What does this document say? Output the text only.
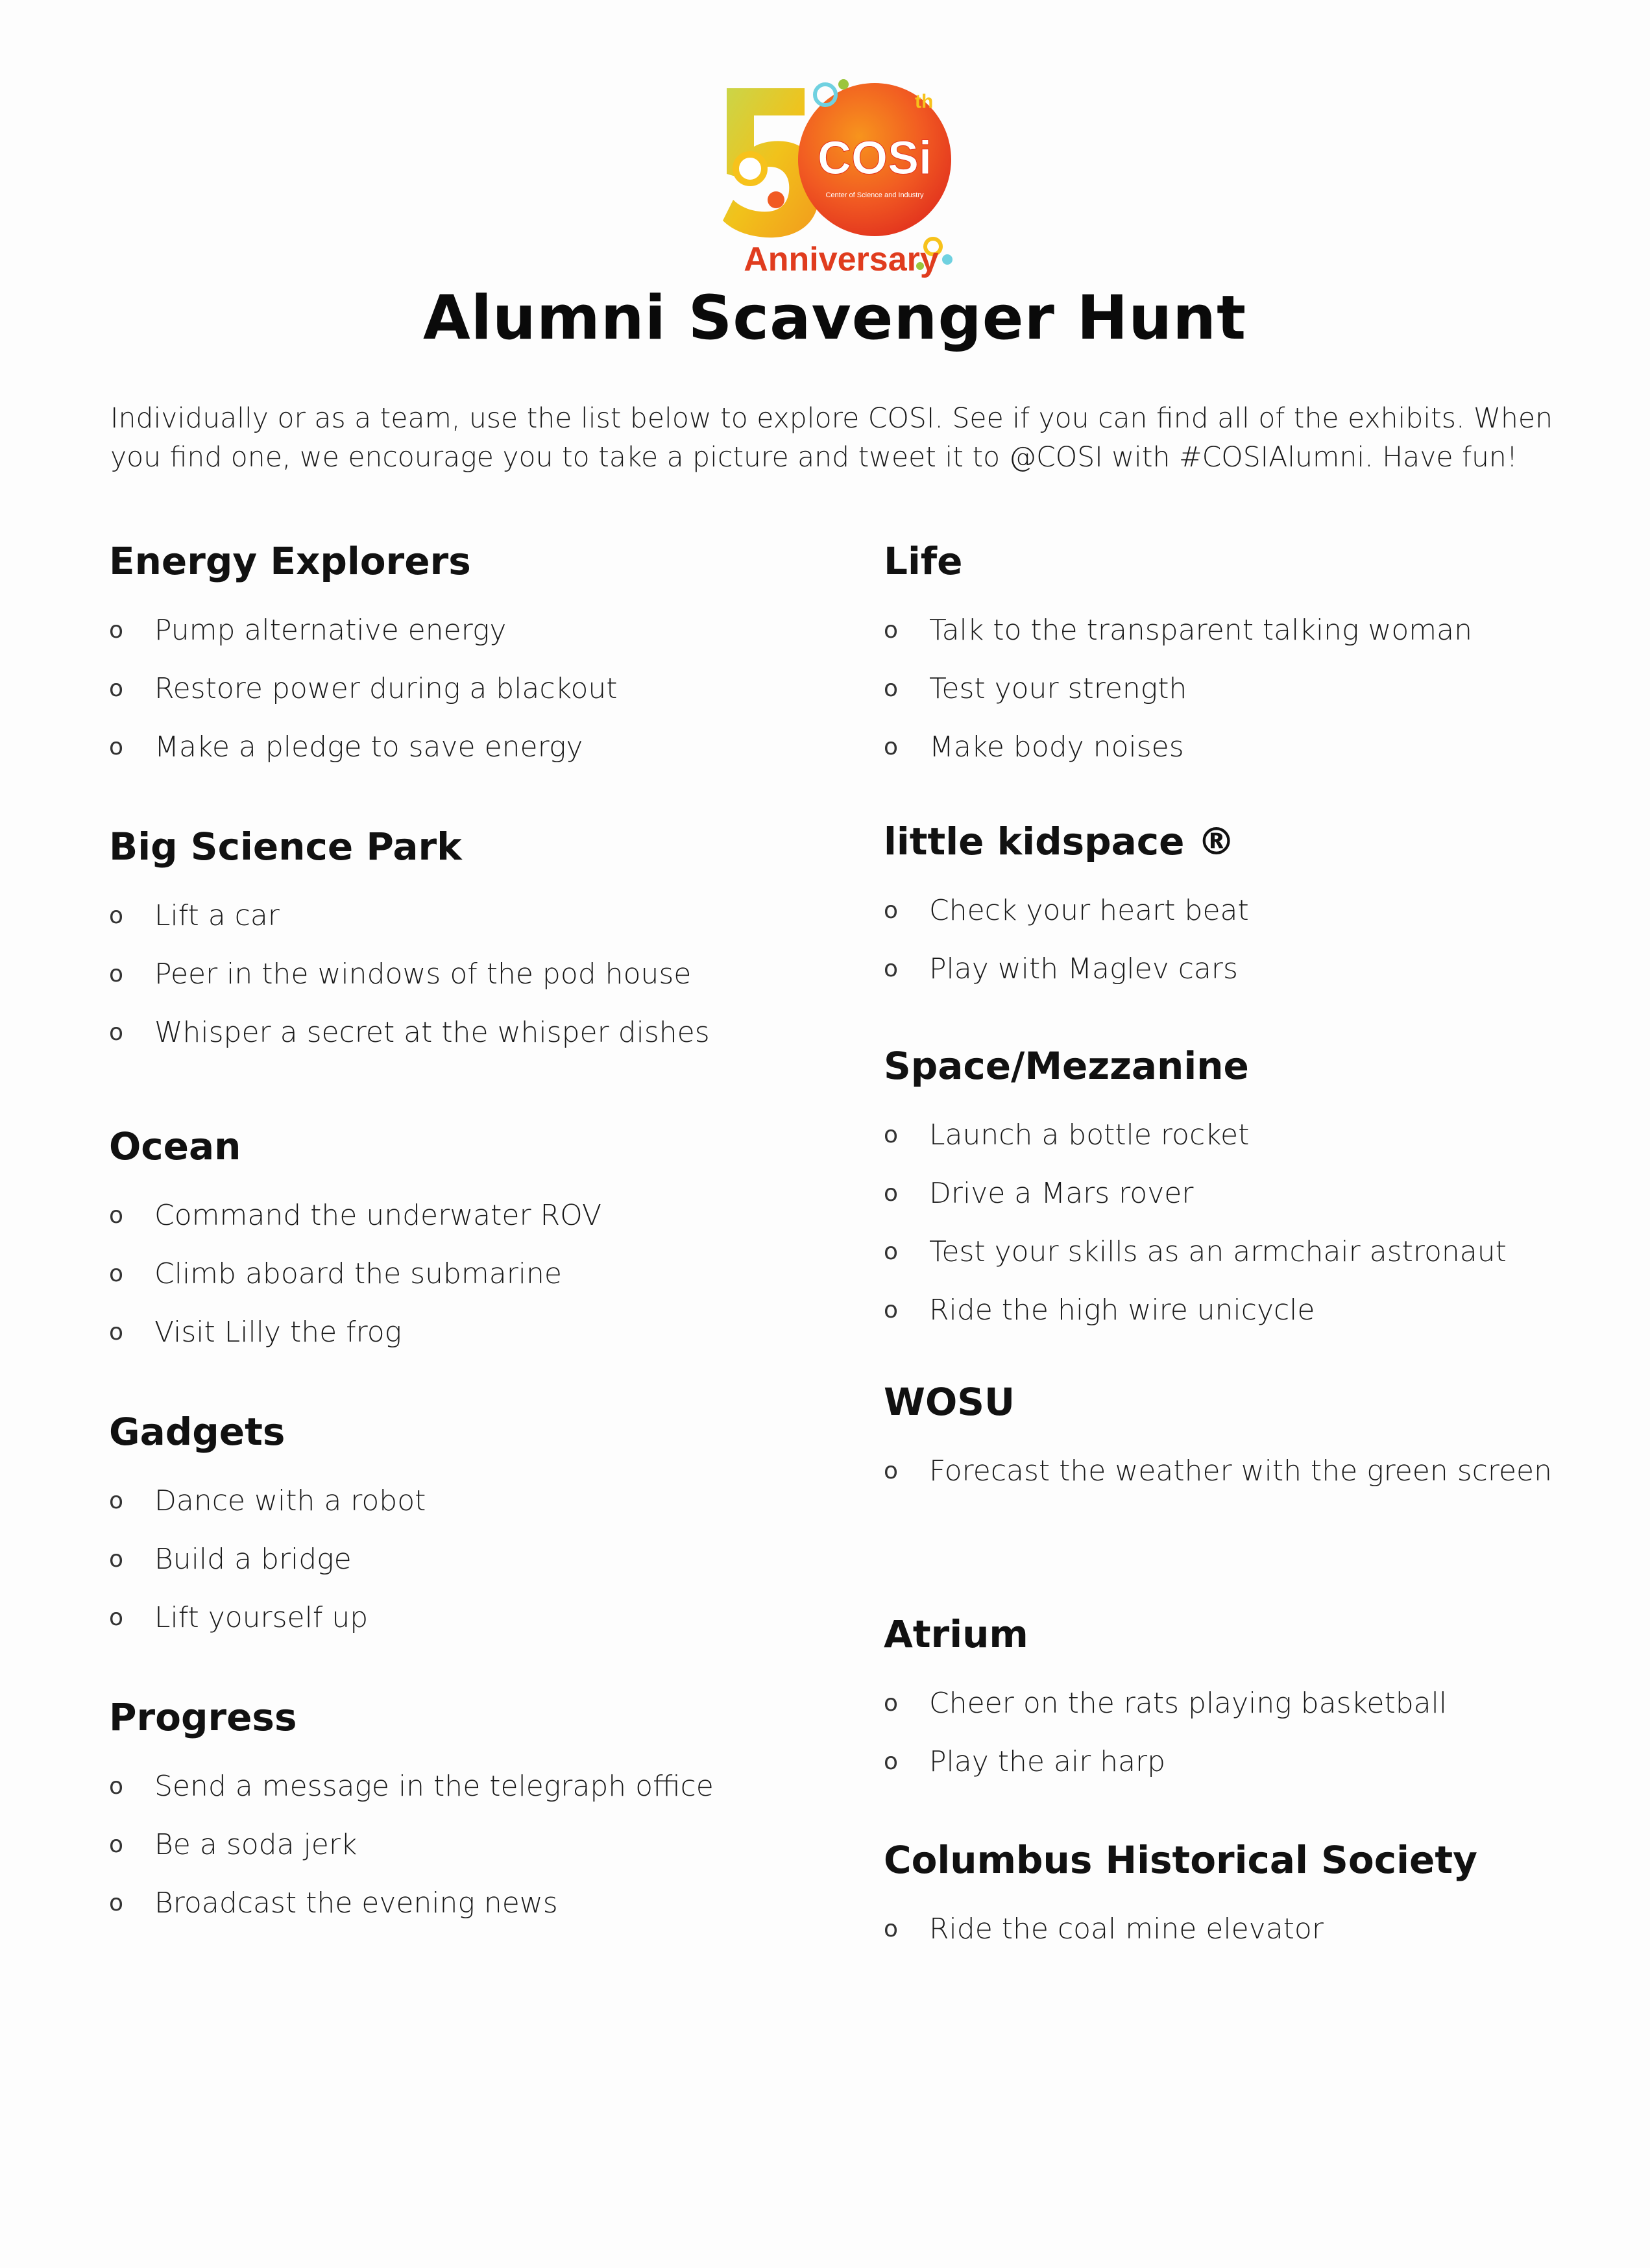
th
COSi
Center of Science and Industry
Anniversary
Alumni Scavenger Hunt
Individually or as a team, use the list below to explore COSI. See if you can find all of the exhibits. When you find one, we encourage you to take a picture and tweet it to @COSI with #COSIAlumni. Have fun!
Energy Explorers
o	Pump alternative energy
o	Restore power during a blackout
o	Make a pledge to save energy
Big Science Park
o	Lift a car
o	Peer in the windows of the pod house
o	Whisper a secret at the whisper dishes
Ocean
o	Command the underwater ROV
o	Climb aboard the submarine
o	Visit Lilly the frog
Gadgets
o	Dance with a robot
o	Build a bridge
o	Lift yourself up
Progress
o	Send a message in the telegraph office
o	Be a soda jerk
o	Broadcast the evening news
Life
o	Talk to the transparent talking woman
o	Test your strength
o	Make body noises
little kidspace ®
o	Check your heart beat
o	Play with Maglev cars
Space/Mezzanine
o	Launch a bottle rocket
o	Drive a Mars rover
o	Test your skills as an armchair astronaut
o	Ride the high wire unicycle
WOSU
o	Forecast the weather with the green screen
Atrium
o	Cheer on the rats playing basketball
o	Play the air harp
Columbus Historical Society
o	Ride the coal mine elevator
